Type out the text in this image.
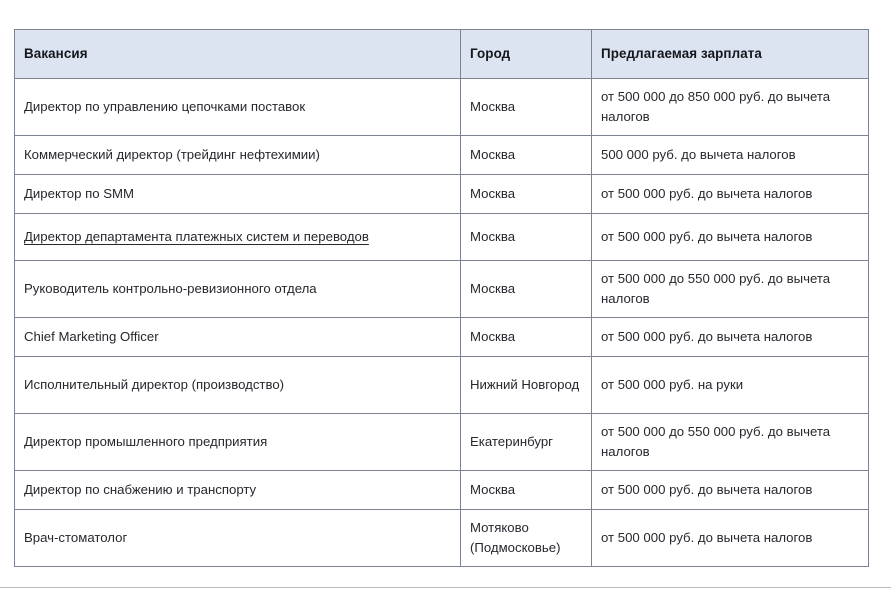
Вакансия	Город	Предлагаемая зарплата
Директор по управлению цепочками поставок	Москва	от 500 000 до 850 000 руб. до вычета налогов
Коммерческий директор (трейдинг нефтехимии)	Москва	500 000 руб. до вычета налогов
Директор по SMM	Москва	от 500 000 руб. до вычета налогов
Директор департамента платежных систем и переводов	Москва	от 500 000 руб. до вычета налогов
Руководитель контрольно-ревизионного отдела	Москва	от 500 000 до 550 000 руб. до вычета налогов
Chief Marketing Officer	Москва	от 500 000 руб. до вычета налогов
Исполнительный директор (производство)	Нижний Новгород	от 500 000 руб. на руки
Директор промышленного предприятия	Екатеринбург	от 500 000 до 550 000 руб. до вычета налогов
Директор по снабжению и транспорту	Москва	от 500 000 руб. до вычета налогов
Врач-стоматолог	Мотяково (Подмосковье)	от 500 000 руб. до вычета налогов
